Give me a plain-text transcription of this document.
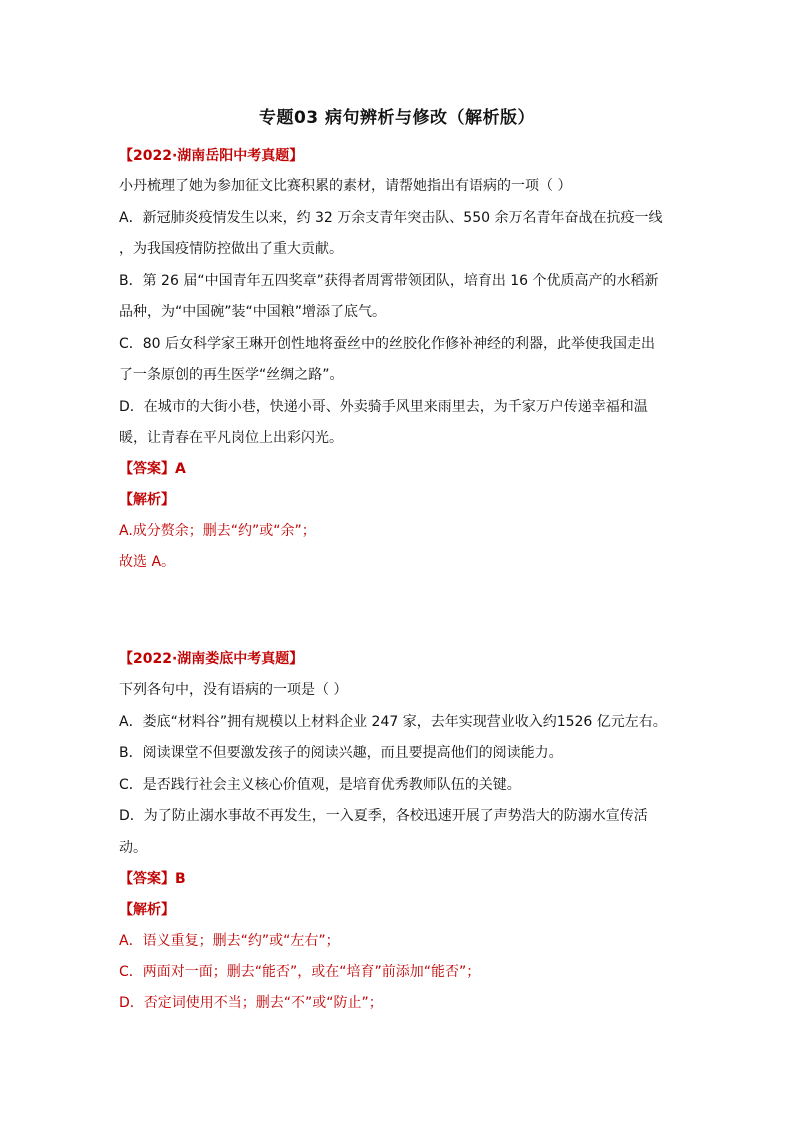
专题03 病句辨析与修改（解析版）
【2022·湖南岳阳中考真题】
小丹梳理了她为参加征文比赛积累的素材，请帮她指出有语病的一项（ ）
A．新冠肺炎疫情发生以来，约 32 万余支青年突击队、550 余万名青年奋战在抗疫一线
，为我国疫情防控做出了重大贡献。
B．第 26 届“中国青年五四奖章”获得者周霄带领团队，培育出 16 个优质高产的水稻新
品种，为“中国碗”装“中国粮”增添了底气。
C．80 后女科学家王琳开创性地将蚕丝中的丝胶化作修补神经的利器，此举使我国走出
了一条原创的再生医学“丝绸之路”。
D．在城市的大街小巷，快递小哥、外卖骑手风里来雨里去，为千家万户传递幸福和温
暖，让青春在平凡岗位上出彩闪光。
【答案】A
【解析】
A.成分赘余；删去“约”或“余”；
故选 A。
【2022·湖南娄底中考真题】
下列各句中，没有语病的一项是（ ）
A．娄底“材料谷”拥有规模以上材料企业 247 家，去年实现营业收入约1526 亿元左右。
B．阅读课堂不但要激发孩子的阅读兴趣，而且要提高他们的阅读能力。
C．是否践行社会主义核心价值观，是培育优秀教师队伍的关键。
D．为了防止溺水事故不再发生，一入夏季，各校迅速开展了声势浩大的防溺水宣传活
动。
【答案】B
【解析】
A．语义重复；删去“约”或“左右”；
C．两面对一面；删去“能否”，或在“培育”前添加“能否”；
D．否定词使用不当；删去“不”或“防止”；
